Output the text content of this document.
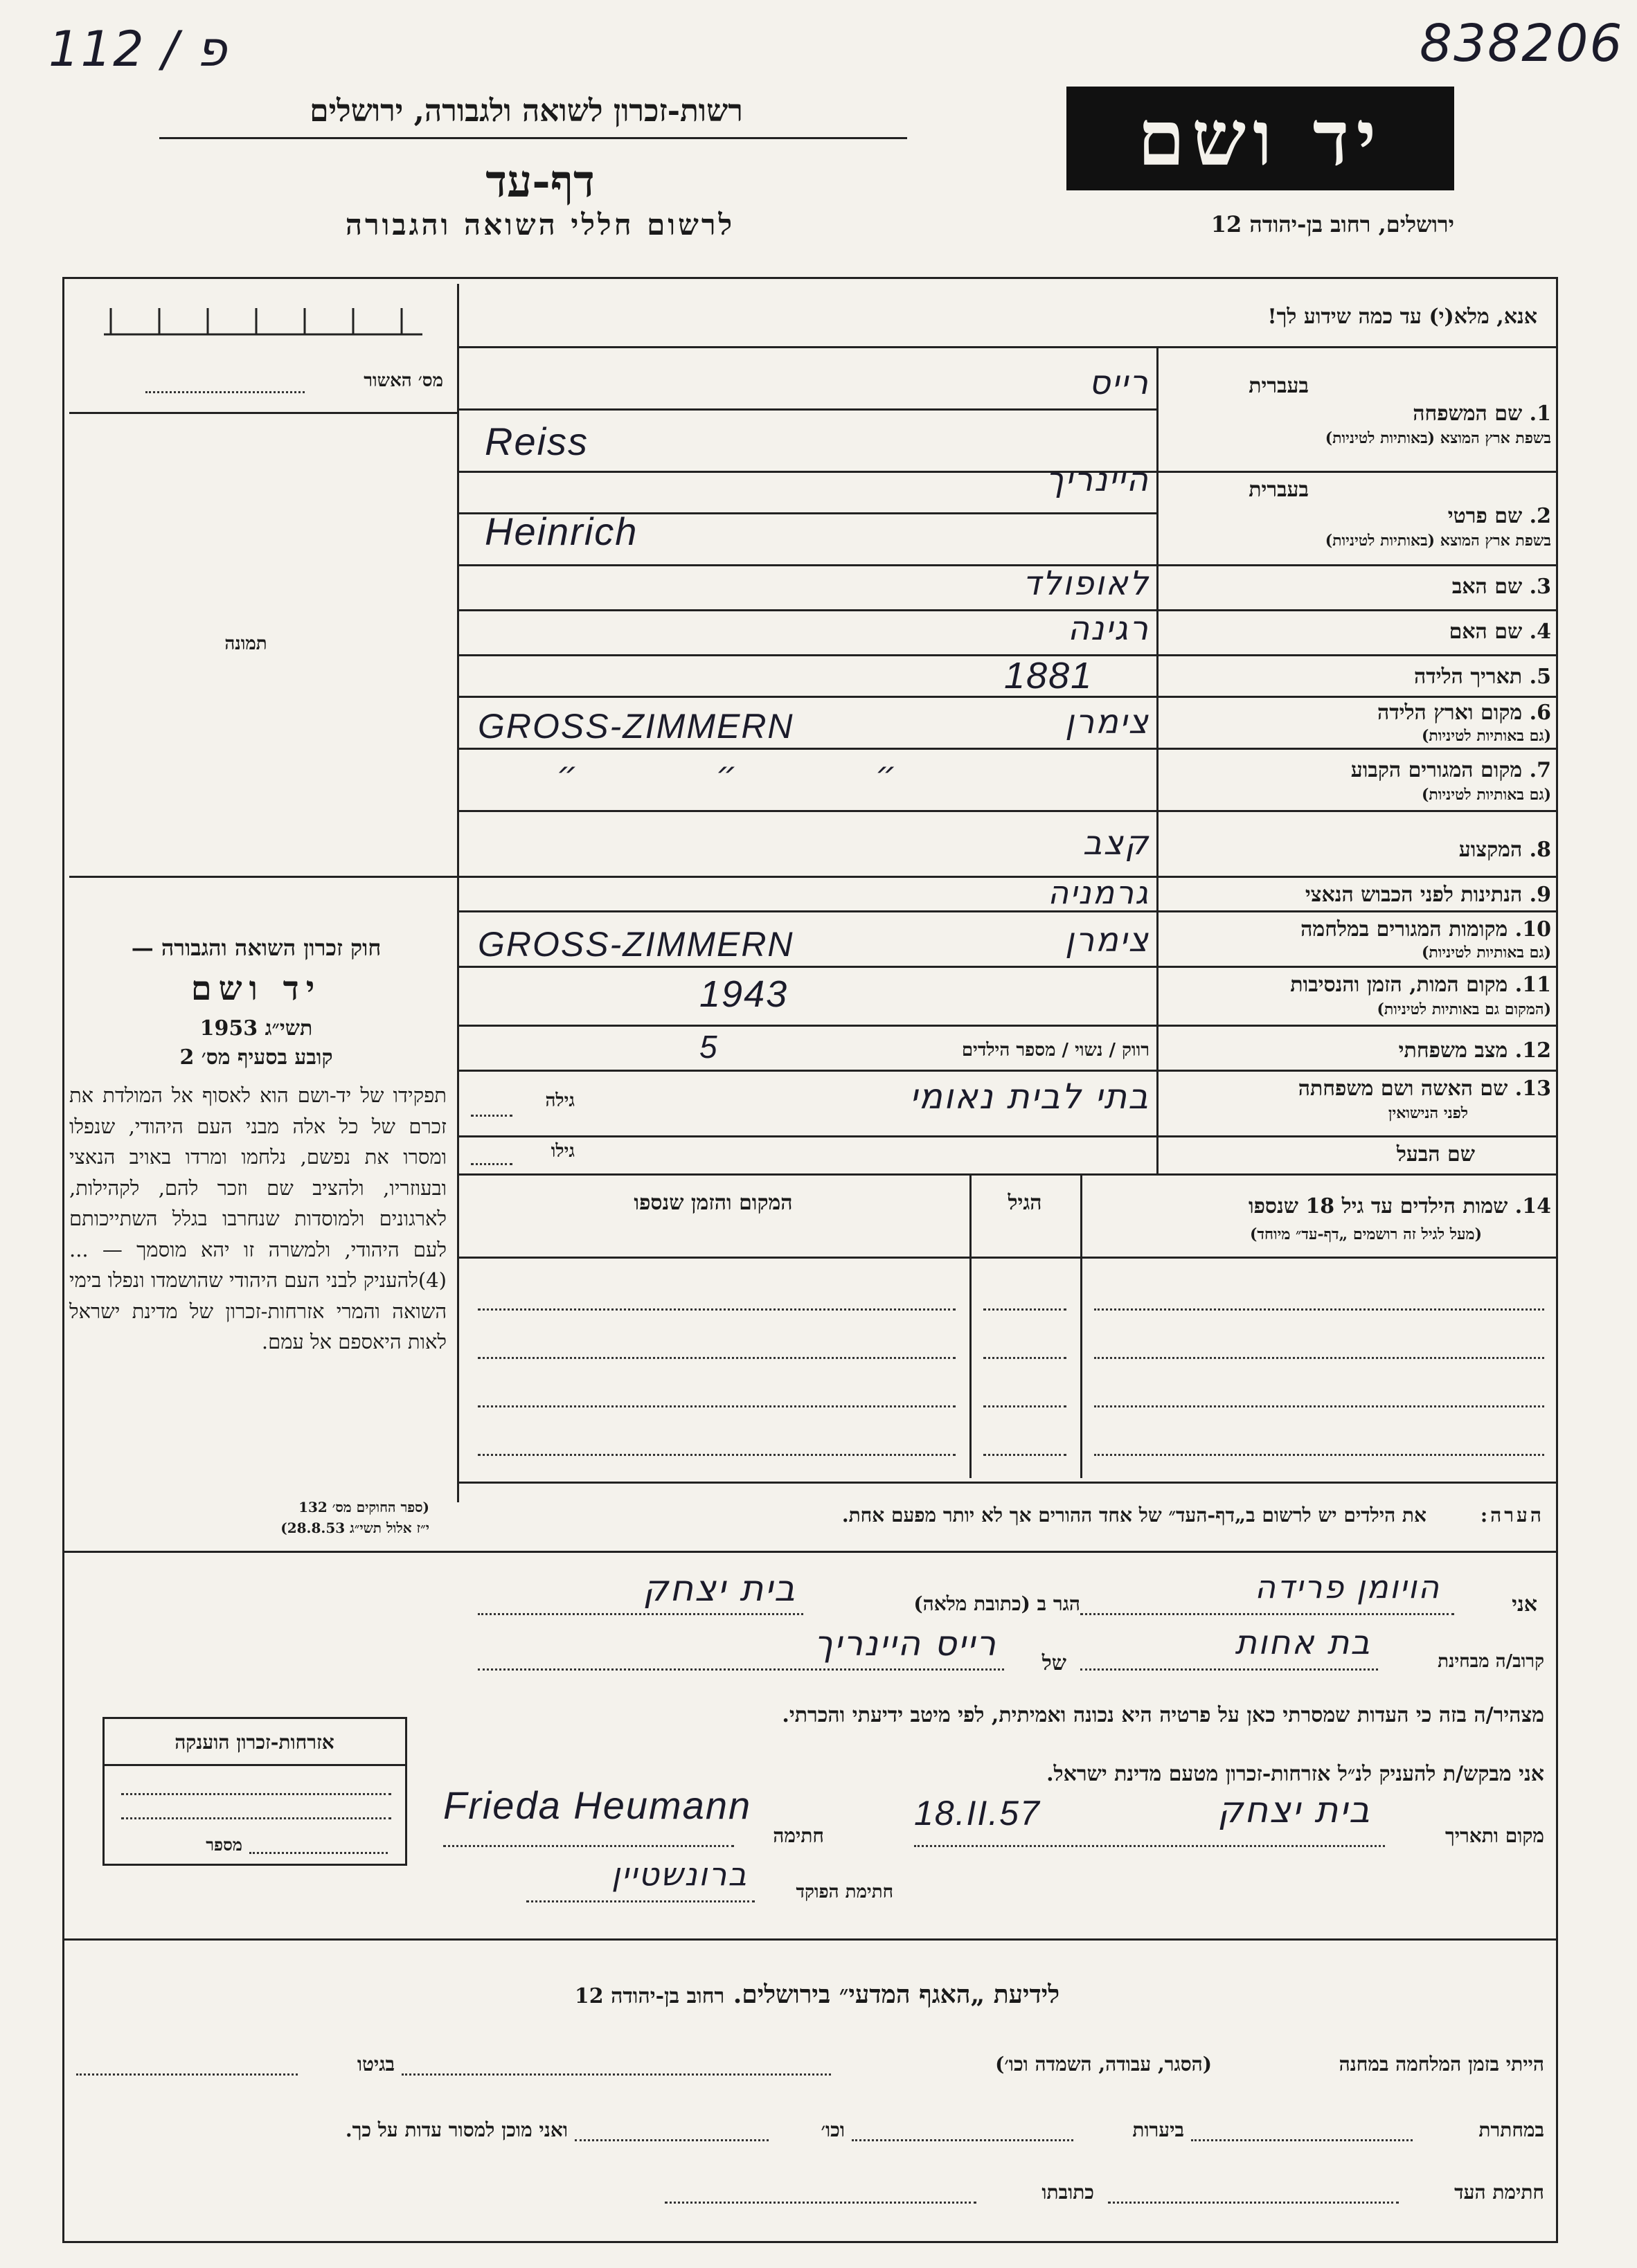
112 / פ	838206
רשות-זכרון לשואה ולגבורה, ירושלים
דף-עד
לרשום חללי השואה והגבורה
יד ושם
ירושלים, רחוב בן-יהודה 12
מס׳ האשור
תמונה
חוק זכרון השואה והגבורה —
יד ושם
תשי״ג 1953
קובע בסעיף מס׳ 2
תפקידו של יד-ושם הוא לאסוף אל המולדת את זכרם של כל אלה מבני העם היהודי, שנפלו ומסרו את נפשם, נלחמו ומרדו באויב הנאצי ובעוזריו, ולהציב שם וזכר להם, לקהילות, לארגונים ולמוסדות שנחרבו בגלל השתייכותם לעם היהודי, ולמשרה זו יהא מוסמך — ...(4)להעניק לבני העם היהודי שהושמדו ונפלו בימי השואה והמרי אזרחות-זכרון של מדינת ישראל לאות היאספם אל עמם.
(ספר החוקים מס׳ 132
י״ז אלול תשי״ג 28.8.53)
אנא, מלא(י) עד כמה שידוע לך!
בעברית
1. שם המשפחה
בשפת ארץ המוצא (באותיות לטיניות)
רייס
Reiss
בעברית
2. שם פרטי
בשפת ארץ המוצא (באותיות לטיניות)
היינריך
Heinrich
3. שם האב
לאופולד
4. שם האם
רגינה
5. תאריך הלידה
1881
6. מקום וארץ הלידה
(גם באותיות לטיניות)
צימרן
GROSS-ZIMMERN
7. מקום המגורים הקבוע
(גם באותיות לטיניות)
״ ״ ״
8. המקצוע
קצב
9. הנתינות לפני הכבוש הנאצי
גרמניה
10. מקומות המגורים במלחמה
(גם באותיות לטיניות)
צימרן
GROSS-ZIMMERN
11. מקום המות, הזמן והנסיבות
(המקום גם באותיות לטיניות)
1943
12. מצב משפחתי
רווק / נשוי / מספר הילדים
5
13. שם האשה ושם משפחתה
לפני הנישואין
גילה	בתי לבית נאומי
שם הבעל
גילו
14. שמות הילדים עד גיל 18 שנספו
(מעל לגיל זה רושמים „דף-עד״ מיוחד)
הגיל
המקום והזמן שנספו
הערה:
את הילדים יש לרשום ב„דף-העד״ של אחד ההורים אך לא יותר מפעם אחת.
אני
הויומן פרידה
הגר ב (כתובת מלאה)
בית יצחק
קרוב/ה מבחינת
בת אחות
של
רייס היינריך
מצהיר/ה בזה כי העדות שמסרתי כאן על פרטיה היא נכונה ואמיתית, לפי מיטב ידיעתי והכרתי.
אני מבקש/ת להעניק לנ״ל אזרחות-זכרון מטעם מדינת ישראל.
מקום ותאריך
בית יצחק
18.II.57
חתימה
Frieda Heumann
חתימת הפוקד
ברונשטיין
אזרחות-זכרון הוענקה
מספר
לידיעת „האגף המדעי״ בירושלים. רחוב בן-יהודה 12
הייתי בזמן המלחמה במחנה
(הסגר, עבודה, השמדה וכו׳)
בגיטו
במחתרת
ביערות
וכו׳
ואני מוכן למסור עדות על כך.
חתימת העד
כתובתו
